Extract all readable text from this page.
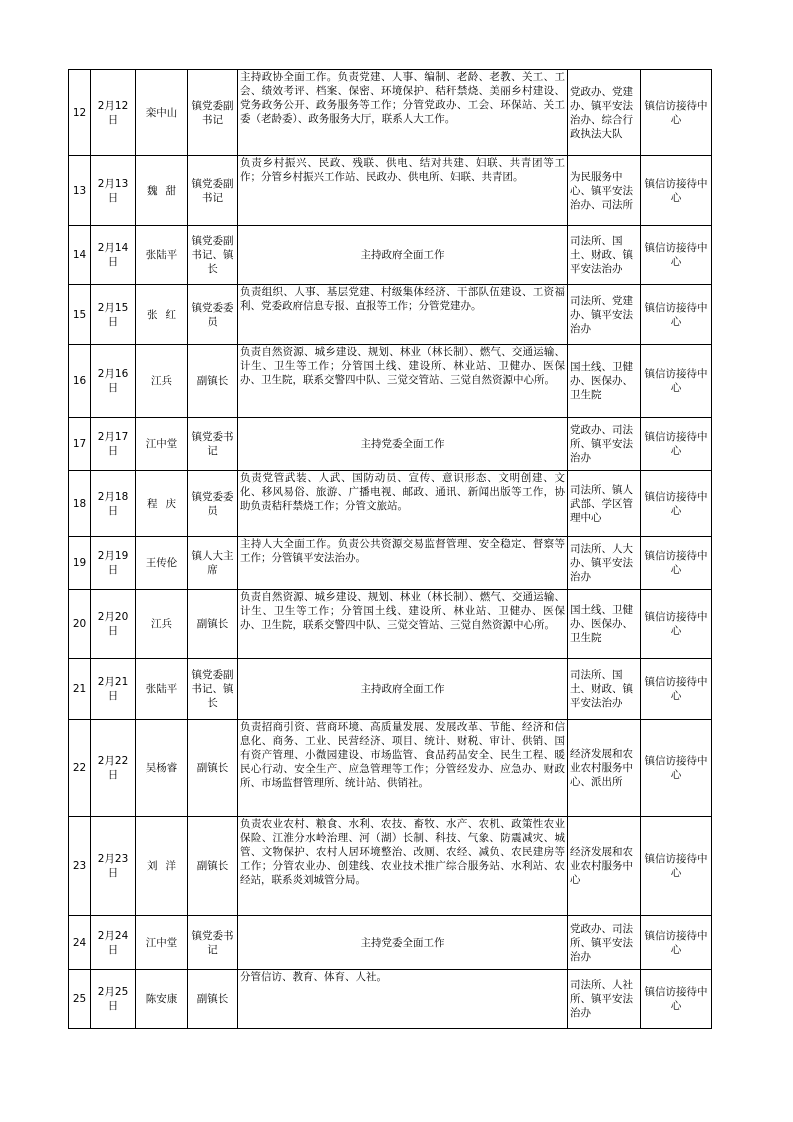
12	2月12日	栾中山	镇党委副书记	主持政协全面工作。负责党建、人事、编制、老龄、老教、关工、工会、绩效考评、档案、保密、环境保护、秸秆禁烧、美丽乡村建设、党务政务公开、政务服务等工作；分管党政办、工会、环保站、关工委（老龄委）、政务服务大厅，联系人大工作。	党政办、党建办、镇平安法治办、综合行政执法大队	镇信访接待中心
13	2月13日	魏甜	镇党委副书记	负责乡村振兴、民政、残联、供电、结对共建、妇联、共青团等工作；分管乡村振兴工作站、民政办、供电所、妇联、共青团。	为民服务中心、镇平安法治办、司法所	镇信访接待中心
14	2月14日	张陆平	镇党委副书记、镇长	主持政府全面工作	司法所、国土、财政、镇平安法治办	镇信访接待中心
15	2月15日	张红	镇党委委员	负责组织、人事、基层党建、村级集体经济、干部队伍建设、工资福利、党委政府信息专报、直报等工作；分管党建办。	司法所、党建办、镇平安法治办	镇信访接待中心
16	2月16日	江兵	副镇长	负责自然资源、城乡建设、规划、林业（林长制）、燃气、交通运输、计生、卫生等工作；分管国土线、建设所、林业站、卫健办、医保办、卫生院，联系交警四中队、三觉交管站、三觉自然资源中心所。	国土线、卫健办、医保办、卫生院	镇信访接待中心
17	2月17日	江中堂	镇党委书记	主持党委全面工作	党政办、司法所、镇平安法治办	镇信访接待中心
18	2月18日	程庆	镇党委委员	负责党管武装、人武、国防动员、宣传、意识形态、文明创建、文化、移风易俗、旅游、广播电视、邮政、通讯、新闻出版等工作，协助负责秸秆禁烧工作；分管文旅站。	司法所、镇人武部、学区管理中心	镇信访接待中心
19	2月19日	王传伦	镇人大主席	主持人大全面工作。负责公共资源交易监督管理、安全稳定、督察等工作；分管镇平安法治办。	司法所、人大办、镇平安法治办	镇信访接待中心
20	2月20日	江兵	副镇长	负责自然资源、城乡建设、规划、林业（林长制）、燃气、交通运输、计生、卫生等工作；分管国土线、建设所、林业站、卫健办、医保办、卫生院，联系交警四中队、三觉交管站、三觉自然资源中心所。	国土线、卫健办、医保办、卫生院	镇信访接待中心
21	2月21日	张陆平	镇党委副书记、镇长	主持政府全面工作	司法所、国土、财政、镇平安法治办	镇信访接待中心
22	2月22日	吴杨睿	副镇长	负责招商引资、营商环境、高质量发展、发展改革、节能、经济和信息化、商务、工业、民营经济、项目、统计、财税、审计、供销、国有资产管理、小微园建设、市场监管、食品药品安全、民生工程、暖民心行动、安全生产、应急管理等工作；分管经发办、应急办、财政所、市场监督管理所、统计站、供销社。	经济发展和农业农村服务中心、派出所	镇信访接待中心
23	2月23日	刘洋	副镇长	负责农业农村、粮食、水利、农技、畜牧、水产、农机、政策性农业保险、江淮分水岭治理、河（湖）长制、科技、气象、防震减灾、城管、文物保护、农村人居环境整治、改厕、农经、减负、农民建房等工作；分管农业办、创建线、农业技术推广综合服务站、水利站、农经站，联系炎刘城管分局。	经济发展和农业农村服务中心	镇信访接待中心
24	2月24日	江中堂	镇党委书记	主持党委全面工作	党政办、司法所、镇平安法治办	镇信访接待中心
25	2月25日	陈安康	副镇长	分管信访、教育、体育、人社。	司法所、人社所、镇平安法治办	镇信访接待中心
